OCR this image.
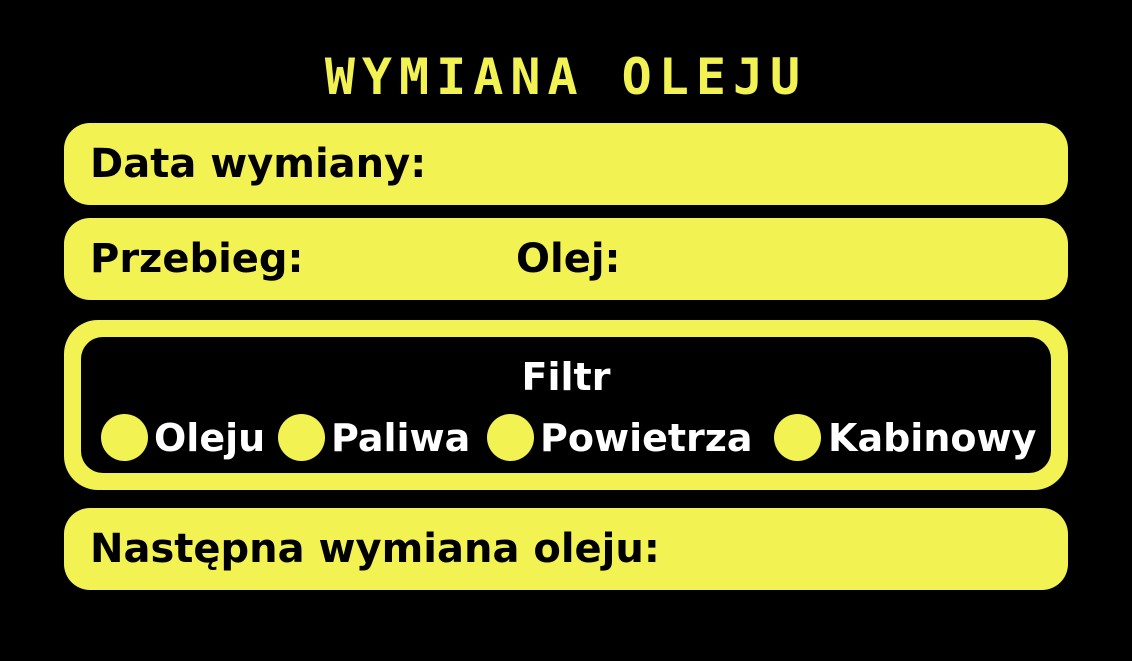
WYMIANA OLEJU
Data wymiany:
Przebieg:	Olej:
Filtr
Oleju Paliwa Powietrza Kabinowy
Następna wymiana oleju:
